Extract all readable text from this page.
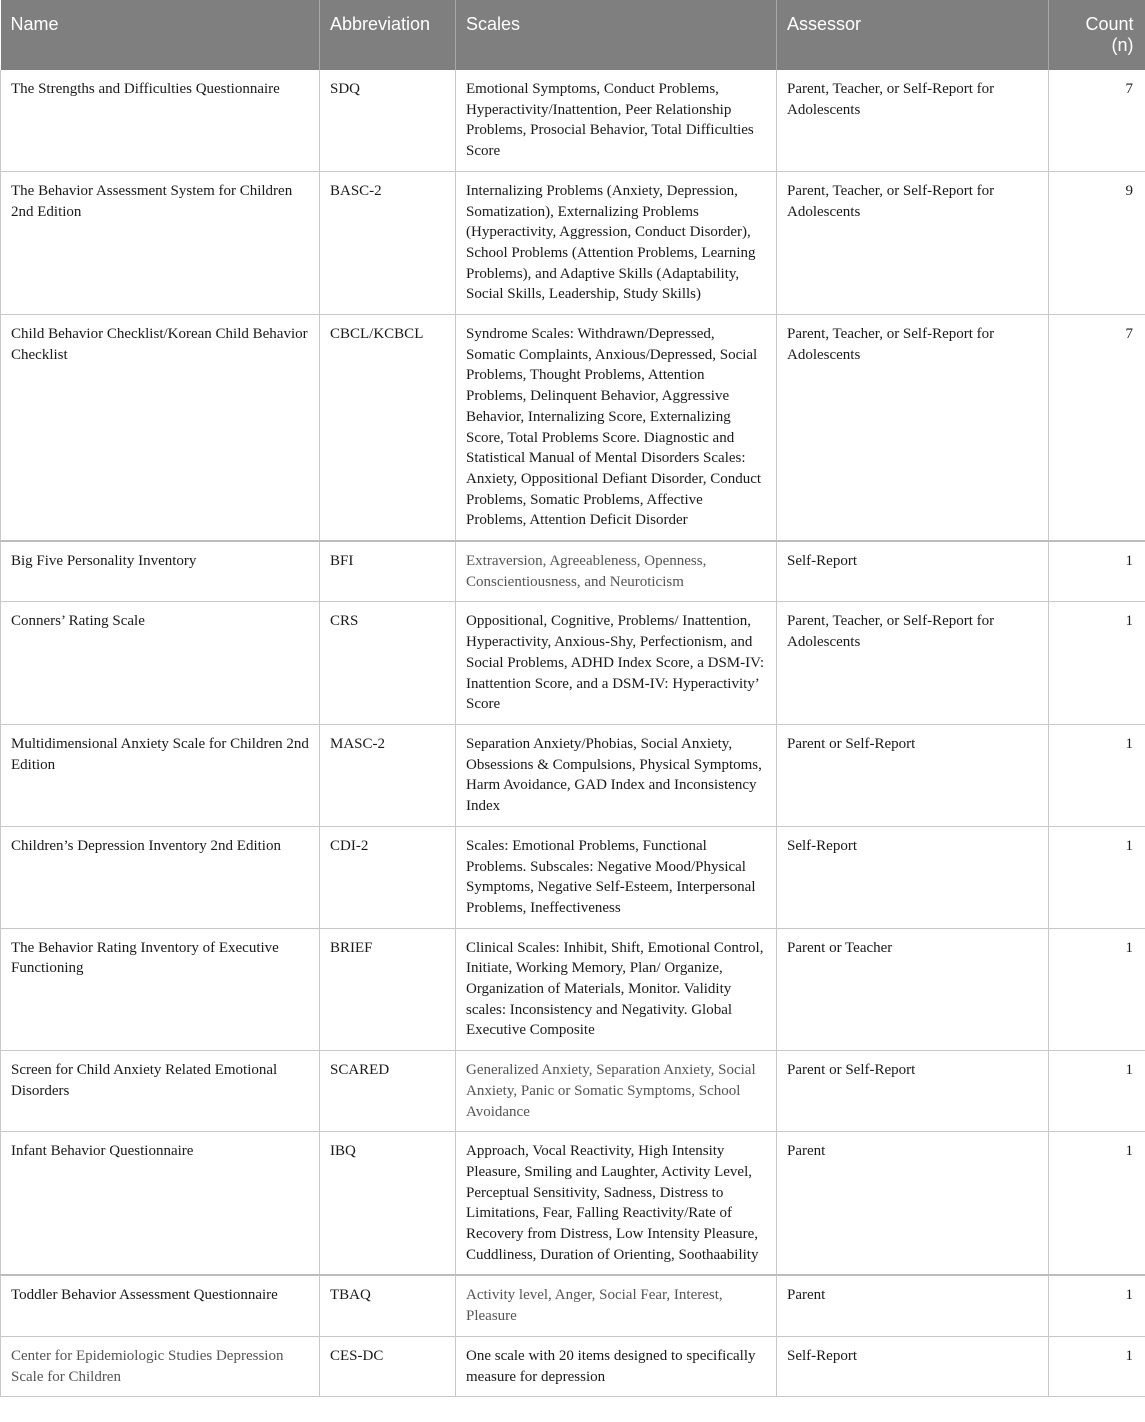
Name	Abbreviation	Scales	Assessor	Count (n)
The Strengths and Difficulties Questionnaire	SDQ	Emotional Symptoms, Conduct Problems, Hyperactivity/Inattention, Peer Relationship Problems, Prosocial Behavior, Total Difficulties Score	Parent, Teacher, or Self-Report for Adolescents	7
The Behavior Assessment System for Children 2nd Edition	BASC-2	Internalizing Problems (Anxiety, Depression, Somatization), Externalizing Problems (Hyperactivity, Aggression, Conduct Disorder), School Problems (Attention Problems, Learning Problems), and Adaptive Skills (Adaptability, Social Skills, Leadership, Study Skills)	Parent, Teacher, or Self-Report for Adolescents	9
Child Behavior Checklist/Korean Child Behavior Checklist	CBCL/KCBCL	Syndrome Scales: Withdrawn/Depressed, Somatic Complaints, Anxious/Depressed, Social Problems, Thought Problems, Attention Problems, Delinquent Behavior, Aggressive Behavior, Internalizing Score, Externalizing Score, Total Problems Score. Diagnostic and Statistical Manual of Mental Disorders Scales: Anxiety, Oppositional Defiant Disorder, Conduct Problems, Somatic Problems, Affective Problems, Attention Deficit Disorder	Parent, Teacher, or Self-Report for Adolescents	7
Big Five Personality Inventory	BFI	Extraversion, Agreeableness, Openness, Conscientiousness, and Neuroticism	Self-Report	1
Conners’ Rating Scale	CRS	Oppositional, Cognitive, Problems/ Inattention, Hyperactivity, Anxious-Shy, Perfectionism, and Social Problems, ADHD Index Score, a DSM-IV: Inattention Score, and a DSM-IV: Hyperactivity’ Score	Parent, Teacher, or Self-Report for Adolescents	1
Multidimensional Anxiety Scale for Children 2nd Edition	MASC-2	Separation Anxiety/Phobias, Social Anxiety, Obsessions & Compulsions, Physical Symptoms, Harm Avoidance, GAD Index and Inconsistency Index	Parent or Self-Report	1
Children’s Depression Inventory 2nd Edition	CDI-2	Scales: Emotional Problems, Functional Problems. Subscales: Negative Mood/Physical Symptoms, Negative Self-Esteem, Interpersonal Problems, Ineffectiveness	Self-Report	1
The Behavior Rating Inventory of Executive Functioning	BRIEF	Clinical Scales: Inhibit, Shift, Emotional Control, Initiate, Working Memory, Plan/ Organize, Organization of Materials, Monitor. Validity scales: Inconsistency and Negativity. Global Executive Composite	Parent or Teacher	1
Screen for Child Anxiety Related Emotional Disorders	SCARED	Generalized Anxiety, Separation Anxiety, Social Anxiety, Panic or Somatic Symptoms, School Avoidance	Parent or Self-Report	1
Infant Behavior Questionnaire	IBQ	Approach, Vocal Reactivity, High Intensity Pleasure, Smiling and Laughter, Activity Level, Perceptual Sensitivity, Sadness, Distress to Limitations, Fear, Falling Reactivity/Rate of Recovery from Distress, Low Intensity Pleasure, Cuddliness, Duration of Orienting, Soothaability	Parent	1
Toddler Behavior Assessment Questionnaire	TBAQ	Activity level, Anger, Social Fear, Interest, Pleasure	Parent	1
Center for Epidemiologic Studies Depression Scale for Children	CES-DC	One scale with 20 items designed to specifically measure for depression	Self-Report	1
